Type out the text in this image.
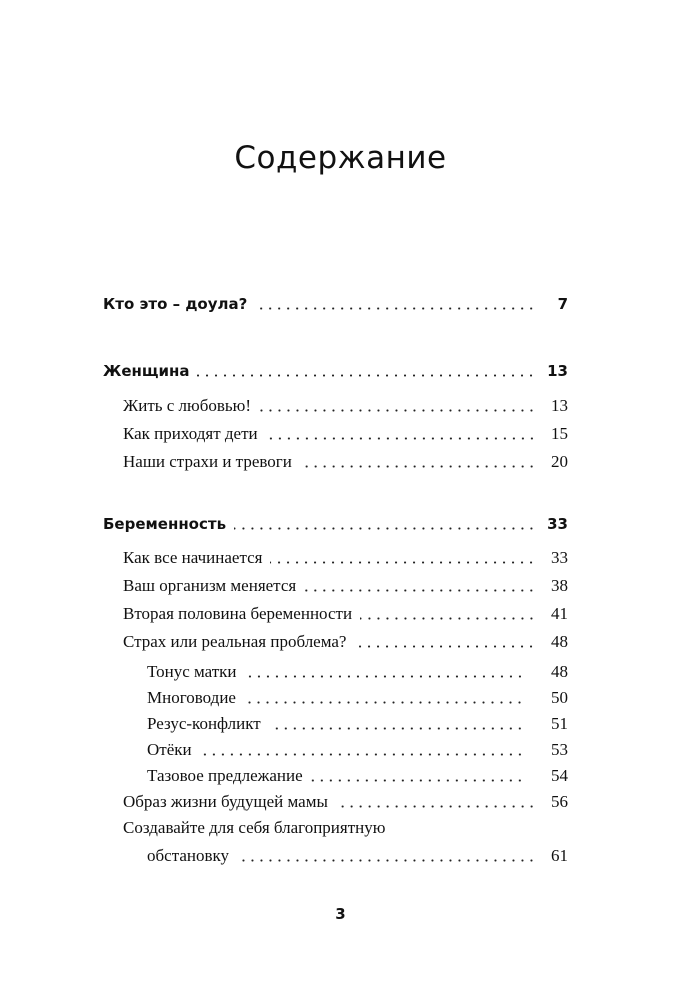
Содержание
Кто это – доула?	7
Женщина	13
Жить с любовью!	13
Как приходят дети	15
Наши страхи и тревоги	20
Беременность	33
Как все начинается	33
Ваш организм меняется	38
Вторая половина беременности	41
Страх или реальная проблема?	48
Тонус матки	48
Многоводие	50
Резус-конфликт	51
Отёки	53
Тазовое предлежание	54
Образ жизни будущей мамы	56
Создавайте для себя благоприятную
обстановку	61
3
